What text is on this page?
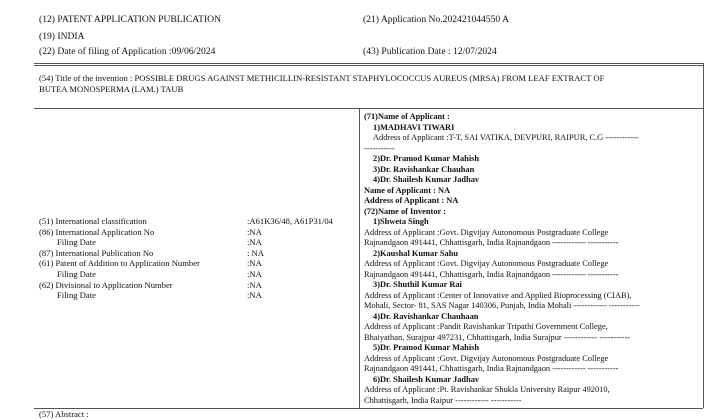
(12) PATENT APPLICATION PUBLICATION
(19) INDIA
(22) Date of filing of Application :09/06/2024
(21) Application No.202421044550 A
(43) Publication Date : 12/07/2024
(54) Title of the invention : POSSIBLE DRUGS AGAINST METHICILLIN-RESISTANT STAPHYLOCOCCUS AUREUS (MRSA) FROM LEAF EXTRACT OF
BUTEA MONOSPERMA (LAM.) TAUB
(51) International classification	:A61K36/48, A61P31/04
(86) International Application No	:NA
Filing Date	:NA
(87) International Publication No	: NA
(61) Patent of Addition to Application Number	:NA
Filing Date	:NA
(62) Divisional to Application Number	:NA
Filing Date	:NA
(71)Name of Applicant :
1)MADHAVI TIWARI
Address of Applicant :T-T, SAI VATIKA, DEVPURI, RAIPUR, C.G ------------
-----------
2)Dr. Pramod Kumar Mahish
3)Dr. Ravishankar Chauhan
4)Dr. Shailesh Kumar Jadhav
Name of Applicant : NA
Address of Applicant : NA
(72)Name of Inventor :
1)Shweta Singh
Address of Applicant :Govt. Digvijay Autonomous Postgraduate College
Rajnandgaon 491441, Chhattisgarh, India Rajnandgaon ------------ -----------
2)Kaushal Kumar Sahu
Address of Applicant :Govt. Digvijay Autonomous Postgraduate College
Rajnandgaon 491441, Chhattisgarh, India Rajnandgaon ------------ -----------
3)Dr. Shuthil Kumar Rai
Address of Applicant :Center of Innovative and Applied Bioprocessing (CIAB),
Mohali, Sector- 81, SAS Nagar 140306, Punjab, India Mohali ------------ -----------
4)Dr. Ravishankar Chauhaan
Address of Applicant :Pandit Ravishankar Tripathi Government College,
Bhaiyathan, Surajpur 497231, Chhattisgarh, India Surajpur ------------ -----------
5)Dr. Pramod Kumar Mahish
Address of Applicant :Govt. Digvijay Autonomous Postgraduate College
Rajnandgaon 491441, Chhattisgarh, India Rajnandgaon ------------ -----------
6)Dr. Shailesh Kumar Jadhav
Address of Applicant :Pt. Ravishankar Shukla University Raipur 492010,
Chhattisgarh, India Raipur ------------ -----------
(57) Abstract :
